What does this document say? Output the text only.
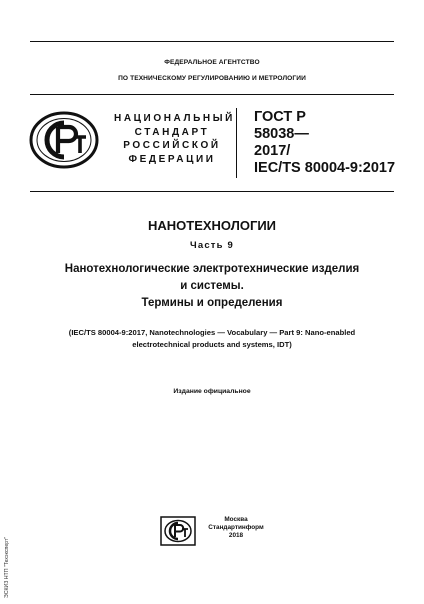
ФЕДЕРАЛЬНОЕ АГЕНТСТВО
ПО ТЕХНИЧЕСКОМУ РЕГУЛИРОВАНИЮ И МЕТРОЛОГИИ
НАЦИОНАЛЬНЫЙ
СТАНДАРТ
РОССИЙСКОЙ
ФЕДЕРАЦИИ
ГОСТ Р
58038—
2017/
IEC/TS 80004-9:2017
НАНОТЕХНОЛОГИИ
Часть 9
Нанотехнологические электротехнические изделия
и системы.
Термины и определения
(IEC/TS 80004-9:2017, Nanotechnologies — Vocabulary — Part 9: Nano-enabled
electrotechnical products and systems, IDT)
Издание официальное
Москва
Стандартинформ
2018
ЭСКИЗ НТП "Техэксперт"
